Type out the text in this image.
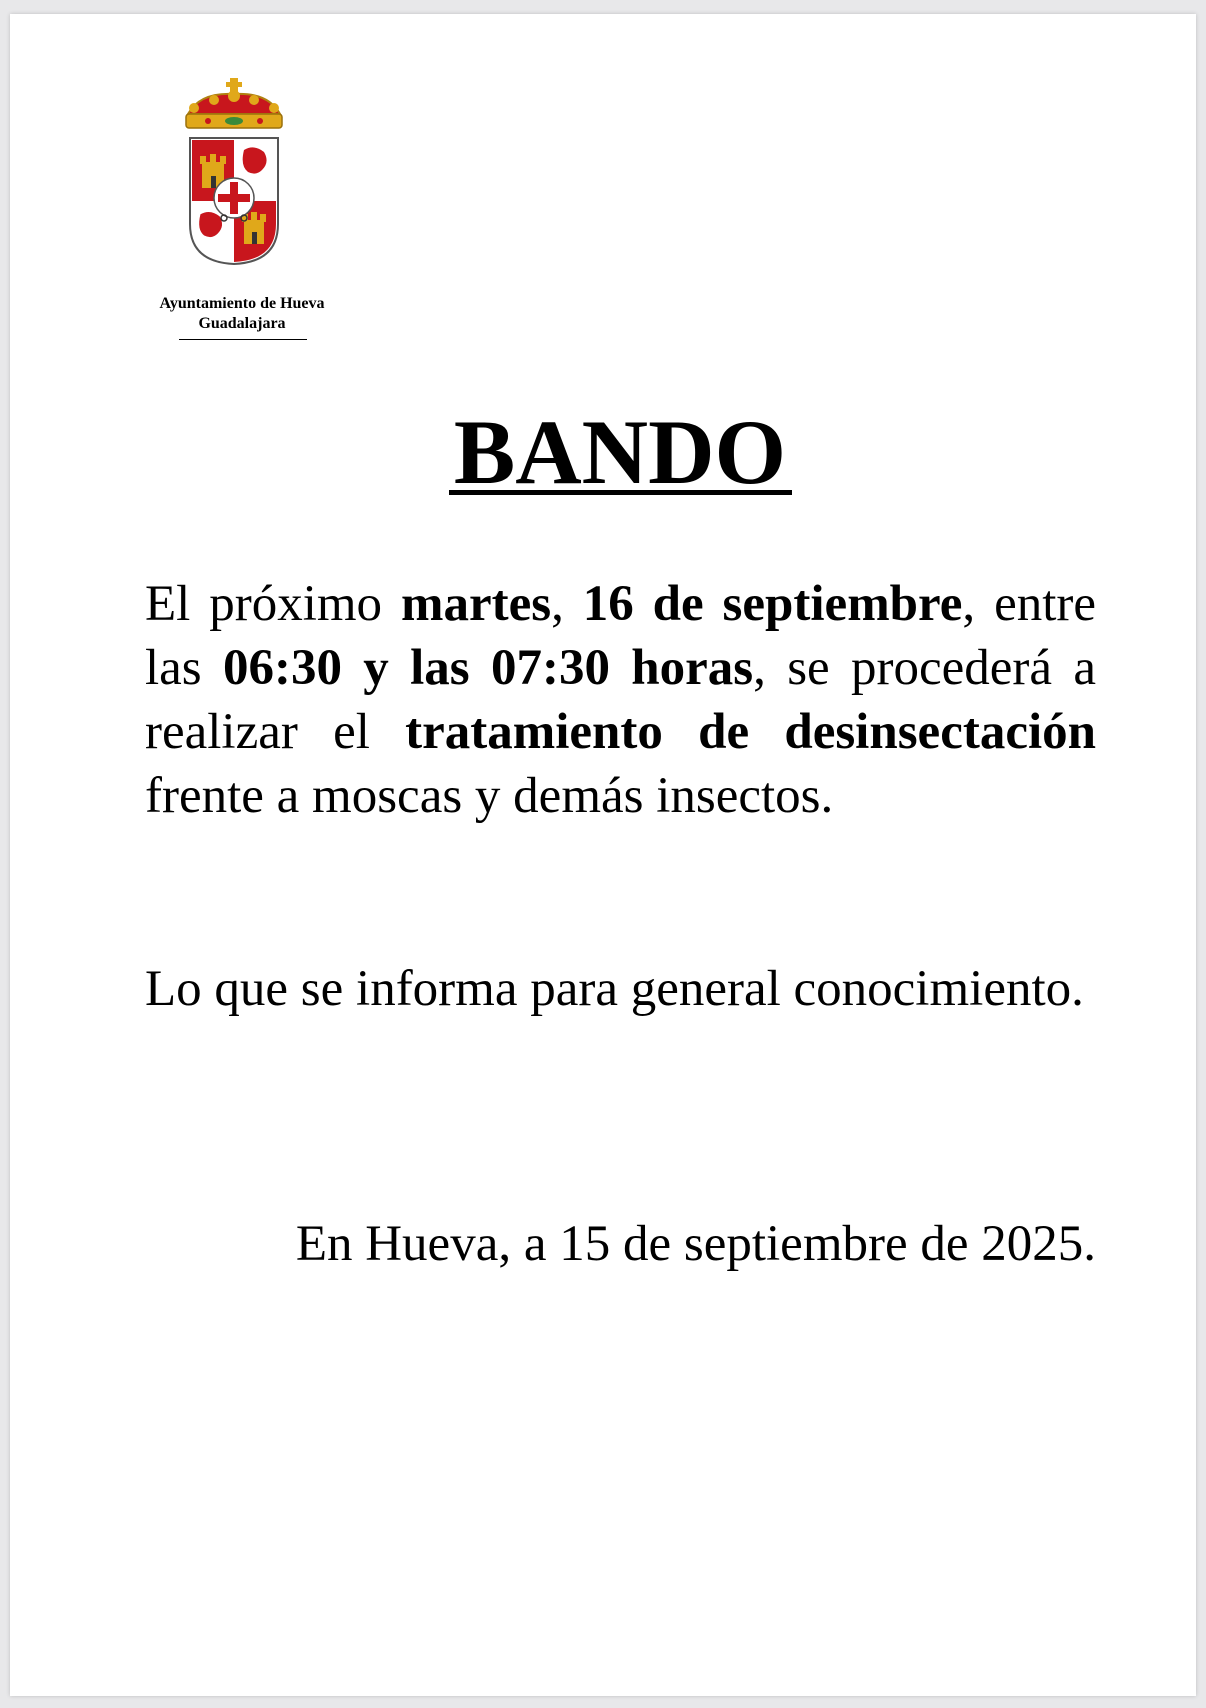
Ayuntamiento de Hueva
Guadalajara
BANDO
El próximo martes, 16 de septiembre, entre las 06:30 y las 07:30 horas, se procederá a realizar el tratamiento de desinsectación frente a moscas y demás insectos.
Lo que se informa para general conocimiento.
En Hueva, a 15 de septiembre de 2025.
